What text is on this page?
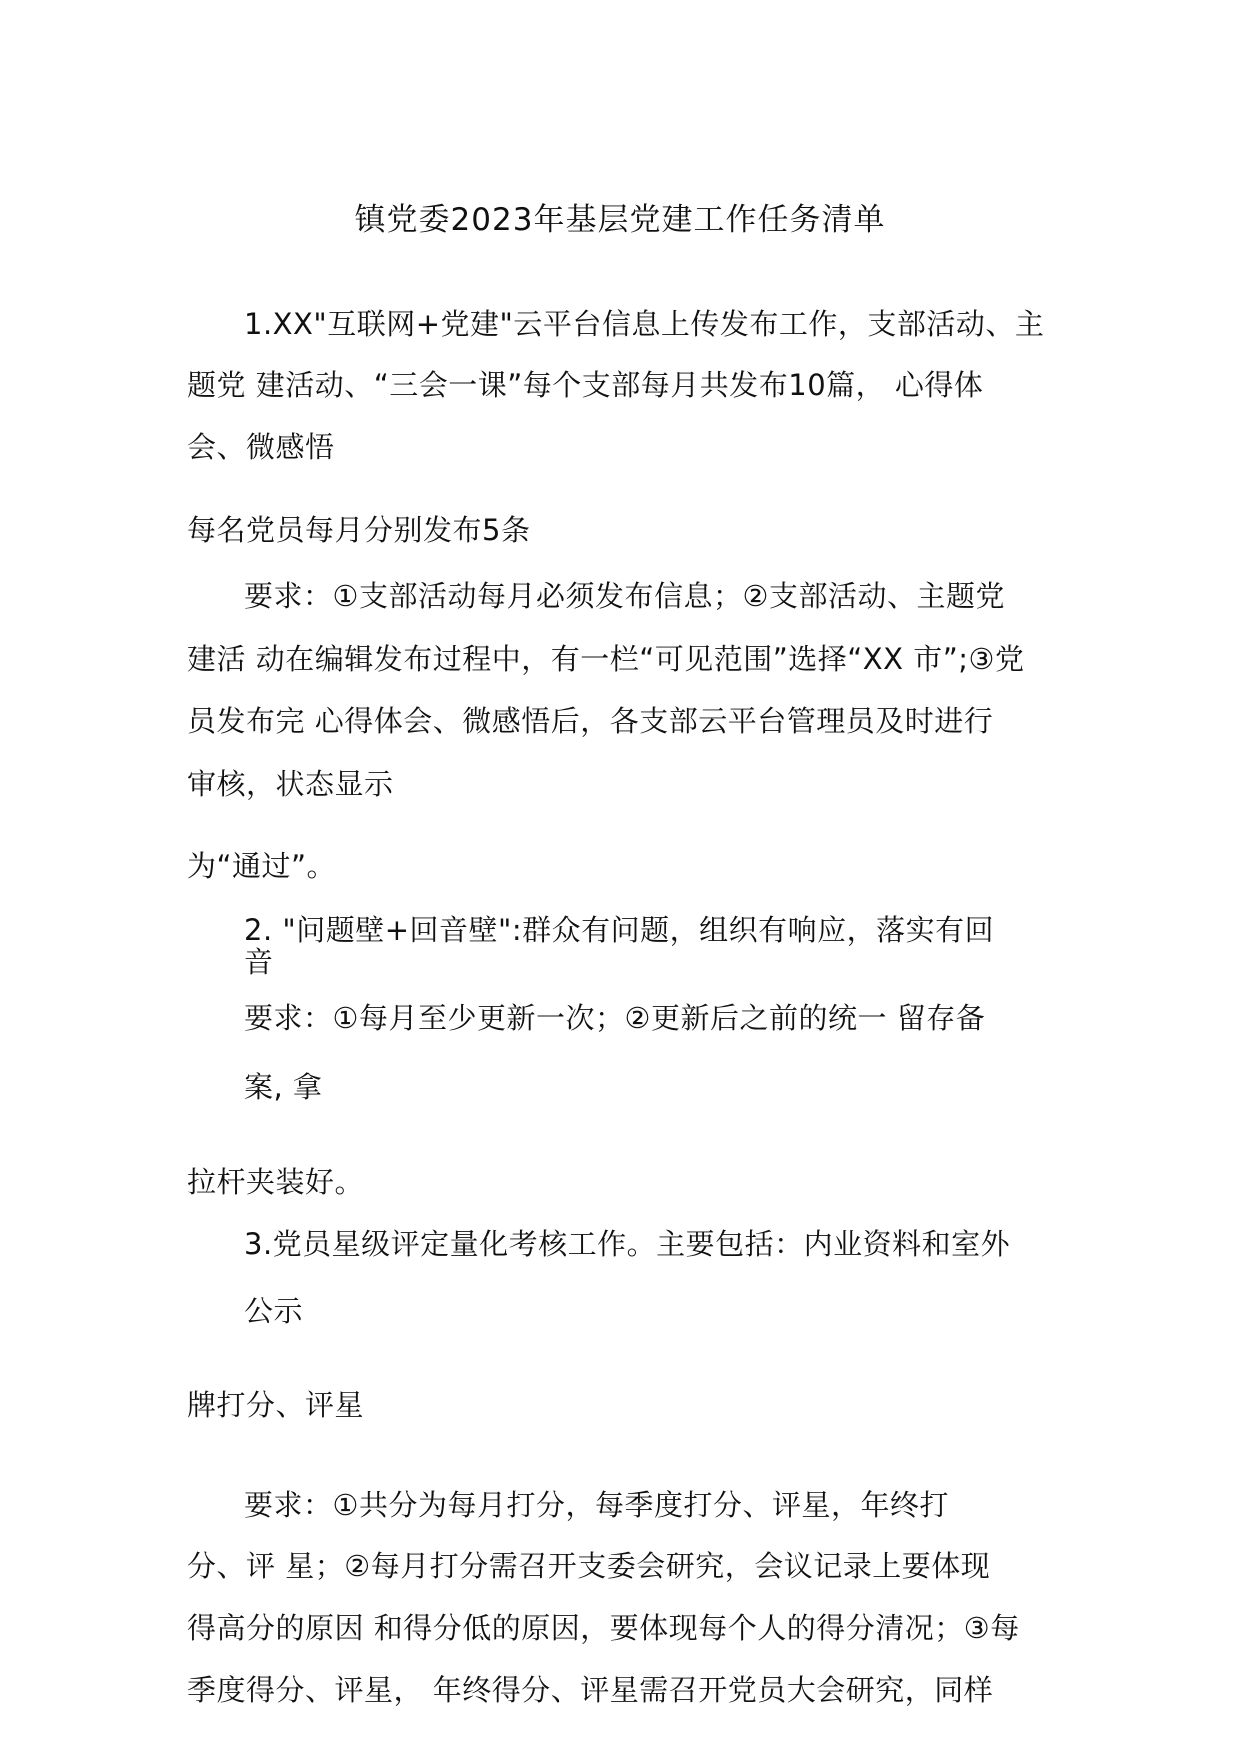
镇党委2023年基层党建工作任务清单
1.XX"互联网+党建"云平台信息上传发布工作，支部活动、主
题党 建活动、“三会一课”每个支部每月共发布10篇， 心得体
会、微感悟
每名党员每月分别发布5条
要求：①支部活动每月必须发布信息；②支部活动、主题党
建活 动在编辑发布过程中，有一栏“可见范围”选择“XX 市”;③党
员发布完 心得体会、微感悟后，各支部云平台管理员及时进行
审核，状态显示
为“通过”。
2. "问题壁+回音壁":群众有问题，组织有响应，落实有回
音
要求：①每月至少更新一次；②更新后之前的统一 留存备
案, 拿
拉杆夹装好。
3.党员星级评定量化考核工作。主要包括：内业资料和室外
公示
牌打分、评星
要求：①共分为每月打分，每季度打分、评星，年终打
分、评 星；②每月打分需召开支委会研究，会议记录上要体现
得高分的原因 和得分低的原因，要体现每个人的得分清况；③每
季度得分、评星， 年终得分、评星需召开党员大会研究，同样
